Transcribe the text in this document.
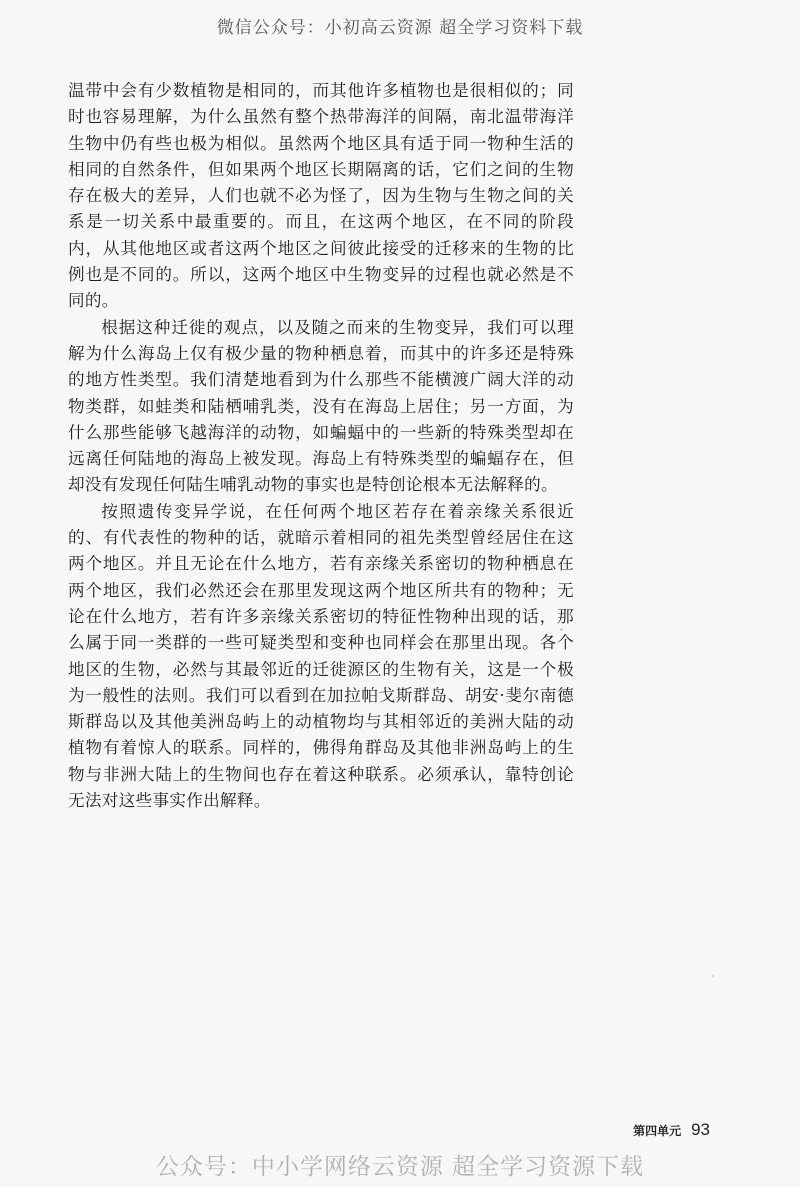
微信公众号：小初高云资源 超全学习资料下载

温带中会有少数植物是相同的，而其他许多植物也是很相似的；同时也容易理解，为什么虽然有整个热带海洋的间隔，南北温带海洋生物中仍有些也极为相似。虽然两个地区具有适于同一物种生活的相同的自然条件，但如果两个地区长期隔离的话，它们之间的生物存在极大的差异，人们也就不必为怪了，因为生物与生物之间的关系是一切关系中最重要的。而且，在这两个地区，在不同的阶段内，从其他地区或者这两个地区之间彼此接受的迁移来的生物的比例也是不同的。所以，这两个地区中生物变异的过程也就必然是不同的。

根据这种迁徙的观点，以及随之而来的生物变异，我们可以理解为什么海岛上仅有极少量的物种栖息着，而其中的许多还是特殊的地方性类型。我们清楚地看到为什么那些不能横渡广阔大洋的动物类群，如蛙类和陆栖哺乳类，没有在海岛上居住；另一方面，为什么那些能够飞越海洋的动物，如蝙蝠中的一些新的特殊类型却在远离任何陆地的海岛上被发现。海岛上有特殊类型的蝙蝠存在，但却没有发现任何陆生哺乳动物的事实也是特创论根本无法解释的。

按照遗传变异学说，在任何两个地区若存在着亲缘关系很近的、有代表性的物种的话，就暗示着相同的祖先类型曾经居住在这两个地区。并且无论在什么地方，若有亲缘关系密切的物种栖息在两个地区，我们必然还会在那里发现这两个地区所共有的物种；无论在什么地方，若有许多亲缘关系密切的特征性物种出现的话，那么属于同一类群的一些可疑类型和变种也同样会在那里出现。各个地区的生物，必然与其最邻近的迁徙源区的生物有关，这是一个极为一般性的法则。我们可以看到在加拉帕戈斯群岛、胡安·斐尔南德斯群岛以及其他美洲岛屿上的动植物均与其相邻近的美洲大陆的动植物有着惊人的联系。同样的，佛得角群岛及其他非洲岛屿上的生物与非洲大陆上的生物间也存在着这种联系。必须承认，靠特创论无法对这些事实作出解释。

第四单元 93
公众号：中小学网络云资源 超全学习资源下载
